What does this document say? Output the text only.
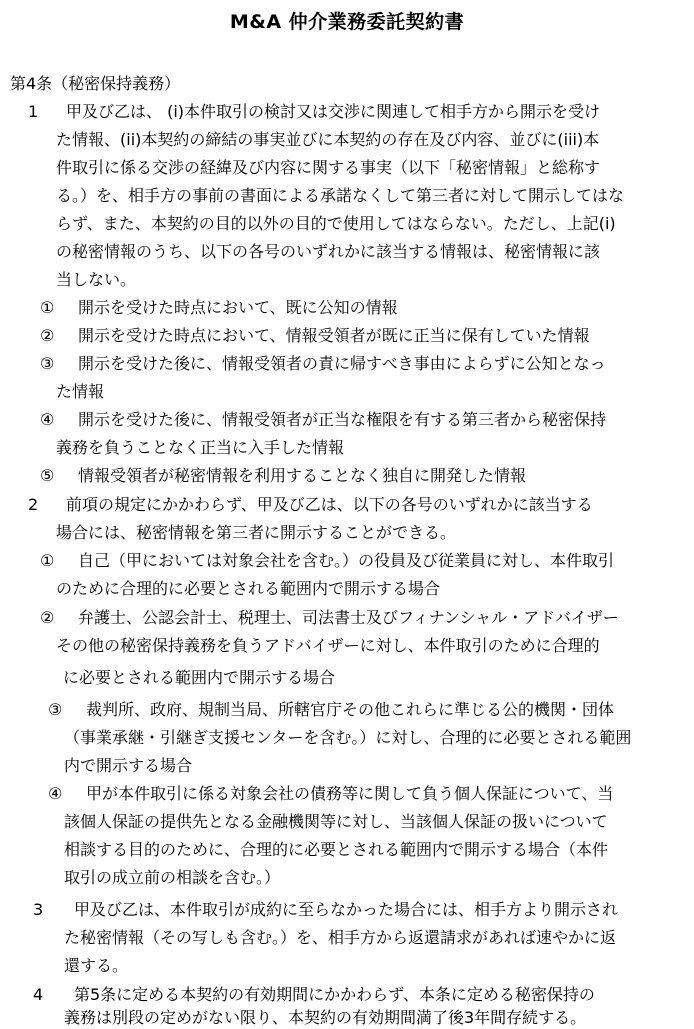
M&A 仲介業務委託契約書
第4条（秘密保持義務）
1 甲及び乙は、 (i)本件取引の検討又は交渉に関連して相手方から開示を受け
た情報、(ii)本契約の締結の事実並びに本契約の存在及び内容、並びに(iii)本
件取引に係る交渉の経緯及び内容に関する事実（以下「秘密情報」と総称す
る。）を、相手方の事前の書面による承諾なくして第三者に対して開示してはな
らず、また、本契約の目的以外の目的で使用してはならない。ただし、上記(i)
の秘密情報のうち、以下の各号のいずれかに該当する情報は、秘密情報に該
当しない。
① 開示を受けた時点において、既に公知の情報
② 開示を受けた時点において、情報受領者が既に正当に保有していた情報
③ 開示を受けた後に、情報受領者の責に帰すべき事由によらずに公知となっ
た情報
④ 開示を受けた後に、情報受領者が正当な権限を有する第三者から秘密保持
義務を負うことなく正当に入手した情報
⑤ 情報受領者が秘密情報を利用することなく独自に開発した情報
2 前項の規定にかかわらず、甲及び乙は、以下の各号のいずれかに該当する
場合には、秘密情報を第三者に開示することができる。
① 自己（甲においては対象会社を含む。）の役員及び従業員に対し、本件取引
のために合理的に必要とされる範囲内で開示する場合
② 弁護士、公認会計士、税理士、司法書士及びフィナンシャル・アドバイザー
その他の秘密保持義務を負うアドバイザーに対し、本件取引のために合理的
に必要とされる範囲内で開示する場合
③ 裁判所、政府、規制当局、所轄官庁その他これらに準じる公的機関・団体
（事業承継・引継ぎ支援センターを含む。）に対し、合理的に必要とされる範囲
内で開示する場合
④ 甲が本件取引に係る対象会社の債務等に関して負う個人保証について、当
該個人保証の提供先となる金融機関等に対し、当該個人保証の扱いについて
相談する目的のために、合理的に必要とされる範囲内で開示する場合（本件
取引の成立前の相談を含む。）
3 甲及び乙は、本件取引が成約に至らなかった場合には、相手方より開示され
た秘密情報（その写しも含む。）を、相手方から返還請求があれば速やかに返
還する。
4 第5条に定める本契約の有効期間にかかわらず、本条に定める秘密保持の
義務は別段の定めがない限り、本契約の有効期間満了後3年間存続する。
